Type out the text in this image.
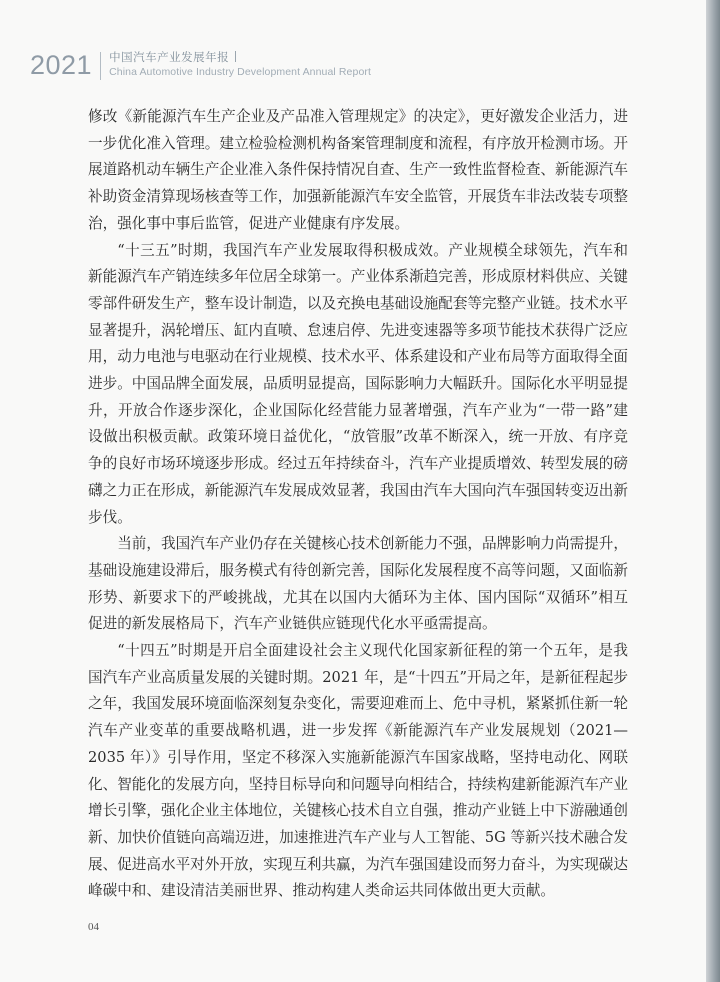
2021 中国汽车产业发展年报
China Automotive Industry Development Annual Report

修改《新能源汽车生产企业及产品准入管理规定》的决定》，更好激发企业活力，进一步优化准入管理。建立检验检测机构备案管理制度和流程，有序放开检测市场。开展道路机动车辆生产企业准入条件保持情况自查、生产一致性监督检查、新能源汽车补助资金清算现场核查等工作，加强新能源汽车安全监管，开展货车非法改装专项整治，强化事中事后监管，促进产业健康有序发展。

“十三五”时期，我国汽车产业发展取得积极成效。产业规模全球领先，汽车和新能源汽车产销连续多年位居全球第一。产业体系渐趋完善，形成原材料供应、关键零部件研发生产，整车设计制造，以及充换电基础设施配套等完整产业链。技术水平显著提升，涡轮增压、缸内直喷、怠速启停、先进变速器等多项节能技术获得广泛应用，动力电池与电驱动在行业规模、技术水平、体系建设和产业布局等方面取得全面进步。中国品牌全面发展，品质明显提高，国际影响力大幅跃升。国际化水平明显提升，开放合作逐步深化，企业国际化经营能力显著增强，汽车产业为“一带一路”建设做出积极贡献。政策环境日益优化，“放管服”改革不断深入，统一开放、有序竞争的良好市场环境逐步形成。经过五年持续奋斗，汽车产业提质增效、转型发展的磅礴之力正在形成，新能源汽车发展成效显著，我国由汽车大国向汽车强国转变迈出新步伐。

当前，我国汽车产业仍存在关键核心技术创新能力不强，品牌影响力尚需提升，基础设施建设滞后，服务模式有待创新完善，国际化发展程度不高等问题，又面临新形势、新要求下的严峻挑战，尤其在以国内大循环为主体、国内国际“双循环”相互促进的新发展格局下，汽车产业链供应链现代化水平亟需提高。

“十四五”时期是开启全面建设社会主义现代化国家新征程的第一个五年，是我国汽车产业高质量发展的关键时期。2021 年，是“十四五”开局之年，是新征程起步之年，我国发展环境面临深刻复杂变化，需要迎难而上、危中寻机，紧紧抓住新一轮汽车产业变革的重要战略机遇，进一步发挥《新能源汽车产业发展规划（2021—2035 年）》引导作用，坚定不移深入实施新能源汽车国家战略，坚持电动化、网联化、智能化的发展方向，坚持目标导向和问题导向相结合，持续构建新能源汽车产业增长引擎，强化企业主体地位，关键核心技术自立自强，推动产业链上中下游融通创新、加快价值链向高端迈进，加速推进汽车产业与人工智能、5G 等新兴技术融合发展、促进高水平对外开放，实现互利共赢，为汽车强国建设而努力奋斗，为实现碳达峰碳中和、建设清洁美丽世界、推动构建人类命运共同体做出更大贡献。

04
